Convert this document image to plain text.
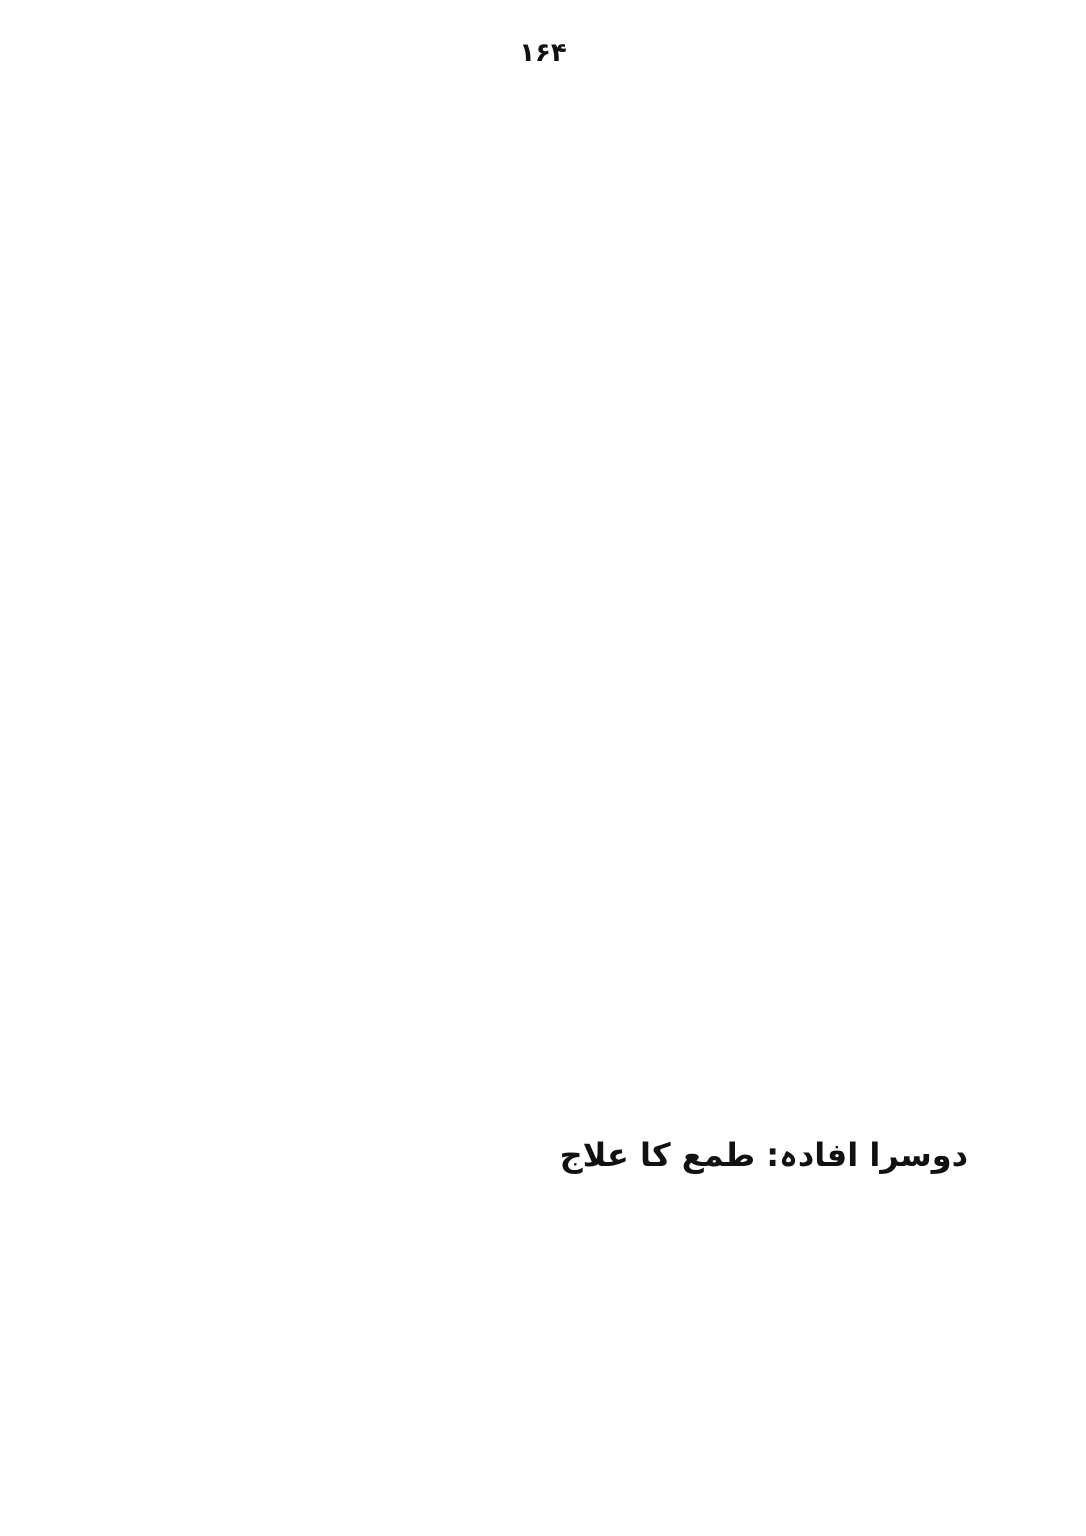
۱۶۴
دوسرا افادہ: طمع کا علاج
